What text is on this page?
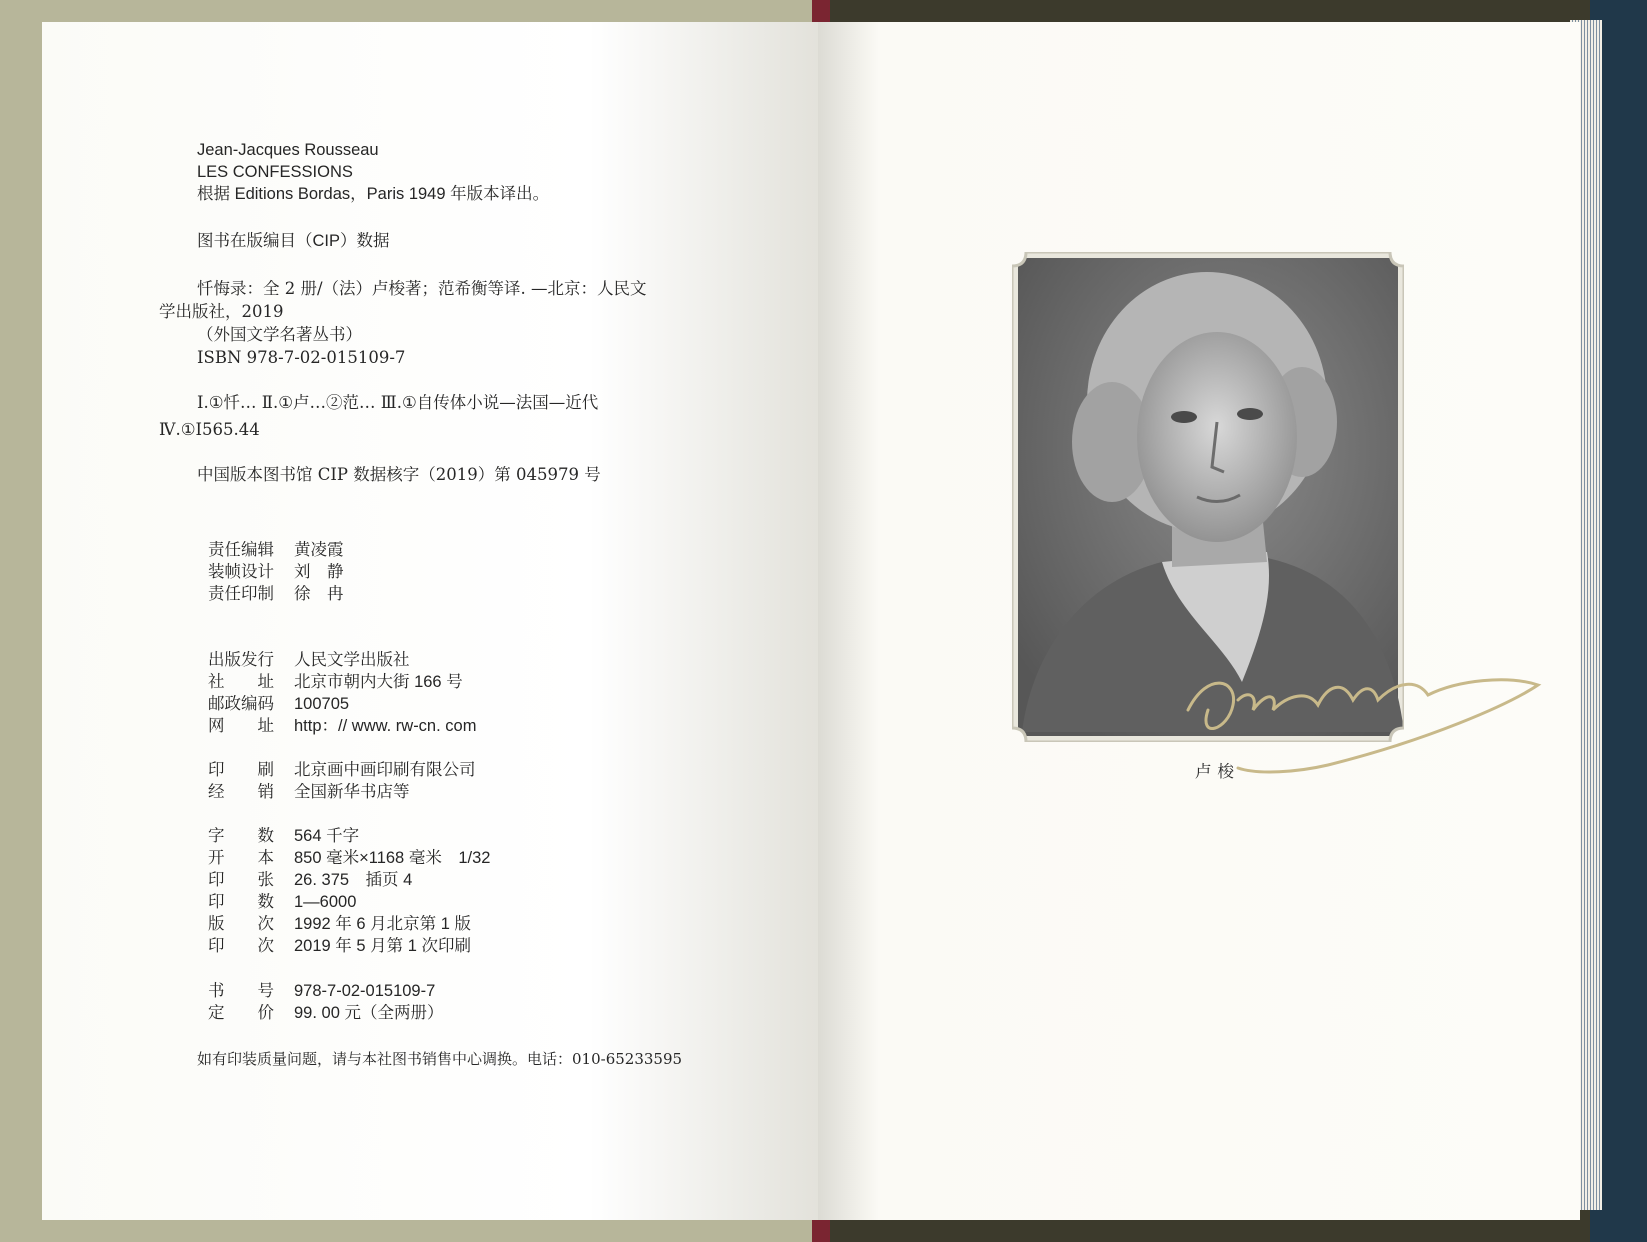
Jean-Jacques Rousseau

LES CONFESSIONS

根据 Editions Bordas，Paris 1949 年版本译出。

图书在版编目（CIP）数据

忏悔录：全 2 册/（法）卢梭著；范希衡等译. —北京：人民文

学出版社，2019

（外国文学名著丛书）

ISBN 978-7-02-015109-7

Ⅰ.①忏… Ⅱ.①卢…②范… Ⅲ.①自传体小说—法国—近代

Ⅳ.①I565.44

中国版本图书馆 CIP 数据核字（2019）第 045979 号

责任编辑 黄凌霞

装帧设计 刘　静

责任印制 徐　冉

出版发行 人民文学出版社

社　　址 北京市朝内大街 166 号

邮政编码 100705

网　　址 http：// www. rw-cn. com

印　　刷 北京画中画印刷有限公司

经　　销 全国新华书店等

字　　数 564 千字

开　　本 850 毫米×1168 毫米　1/32

印　　张 26. 375　插页 4

印　　数 1—6000

版　　次 1992 年 6 月北京第 1 版

印　　次 2019 年 5 月第 1 次印刷

书　　号 978-7-02-015109-7

定　　价 99. 00 元（全两册）

如有印装质量问题，请与本社图书销售中心调换。电话：010-65233595

卢梭
